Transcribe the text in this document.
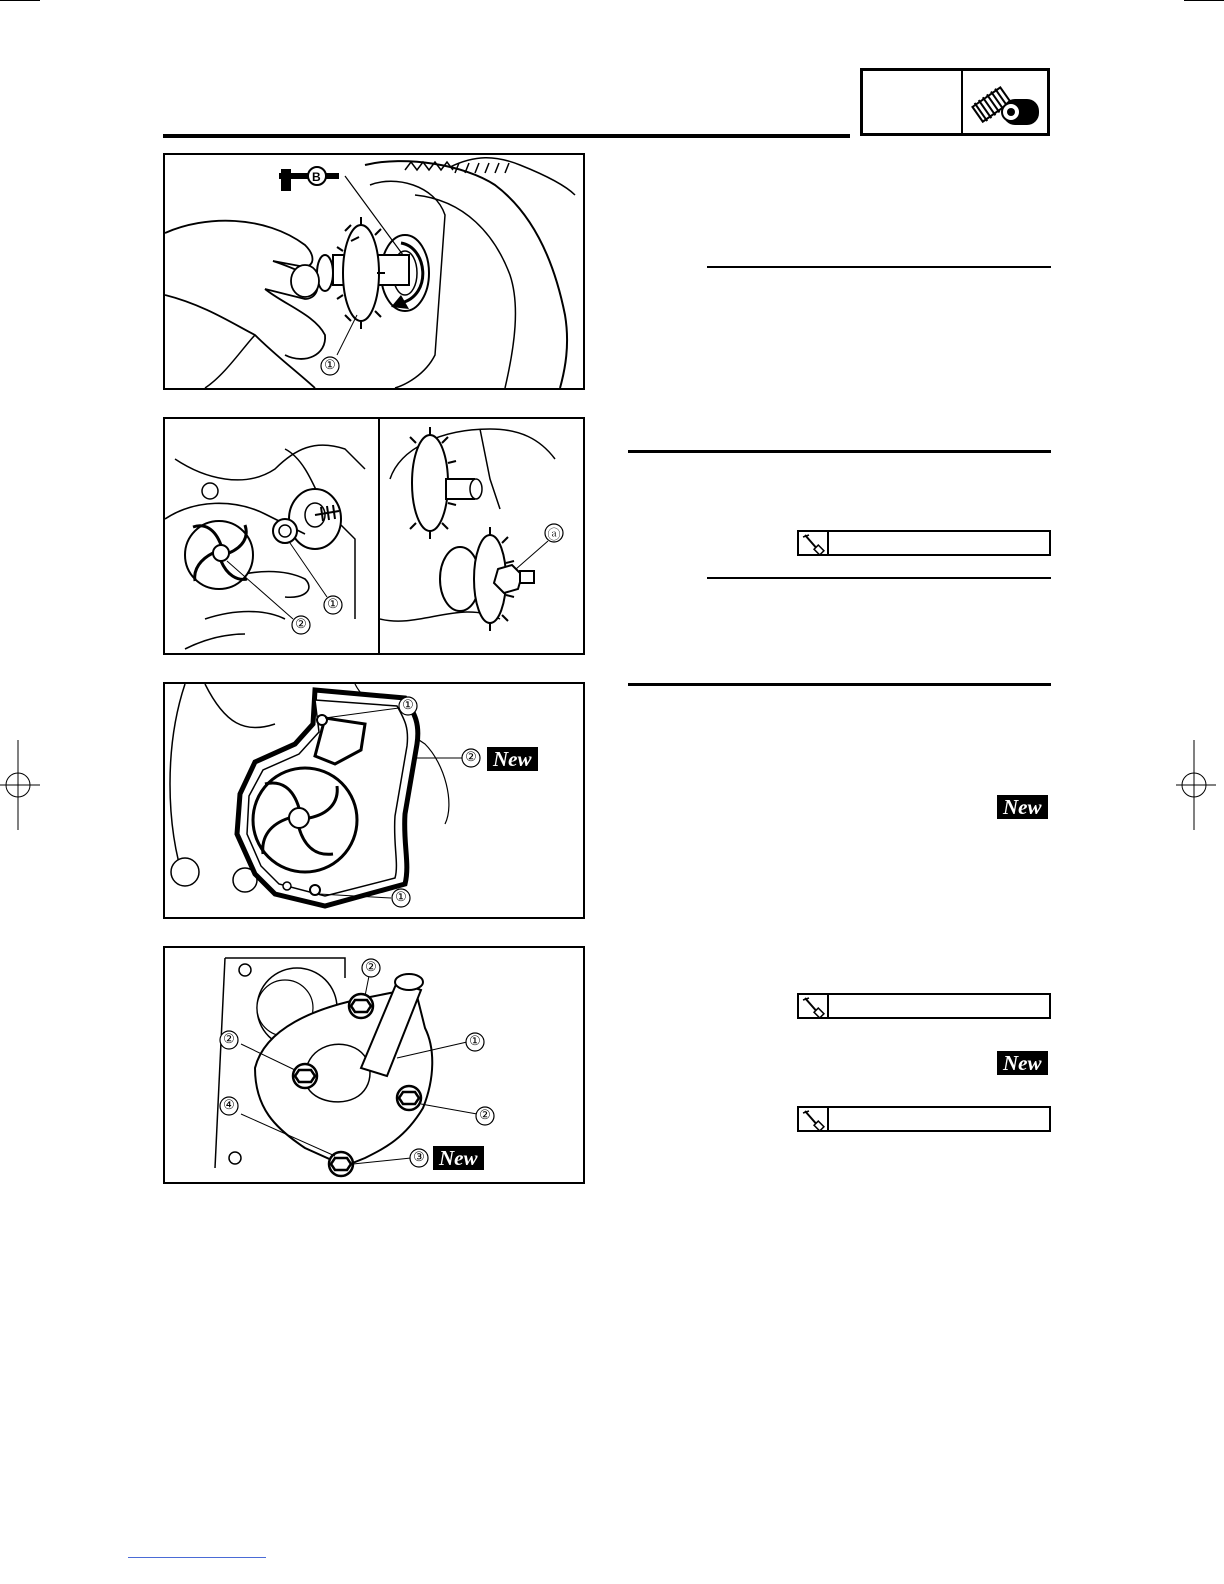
B
①
①
②
ⓐ
①
②
①
New
②
②	①
②
④
③ New
New
New
